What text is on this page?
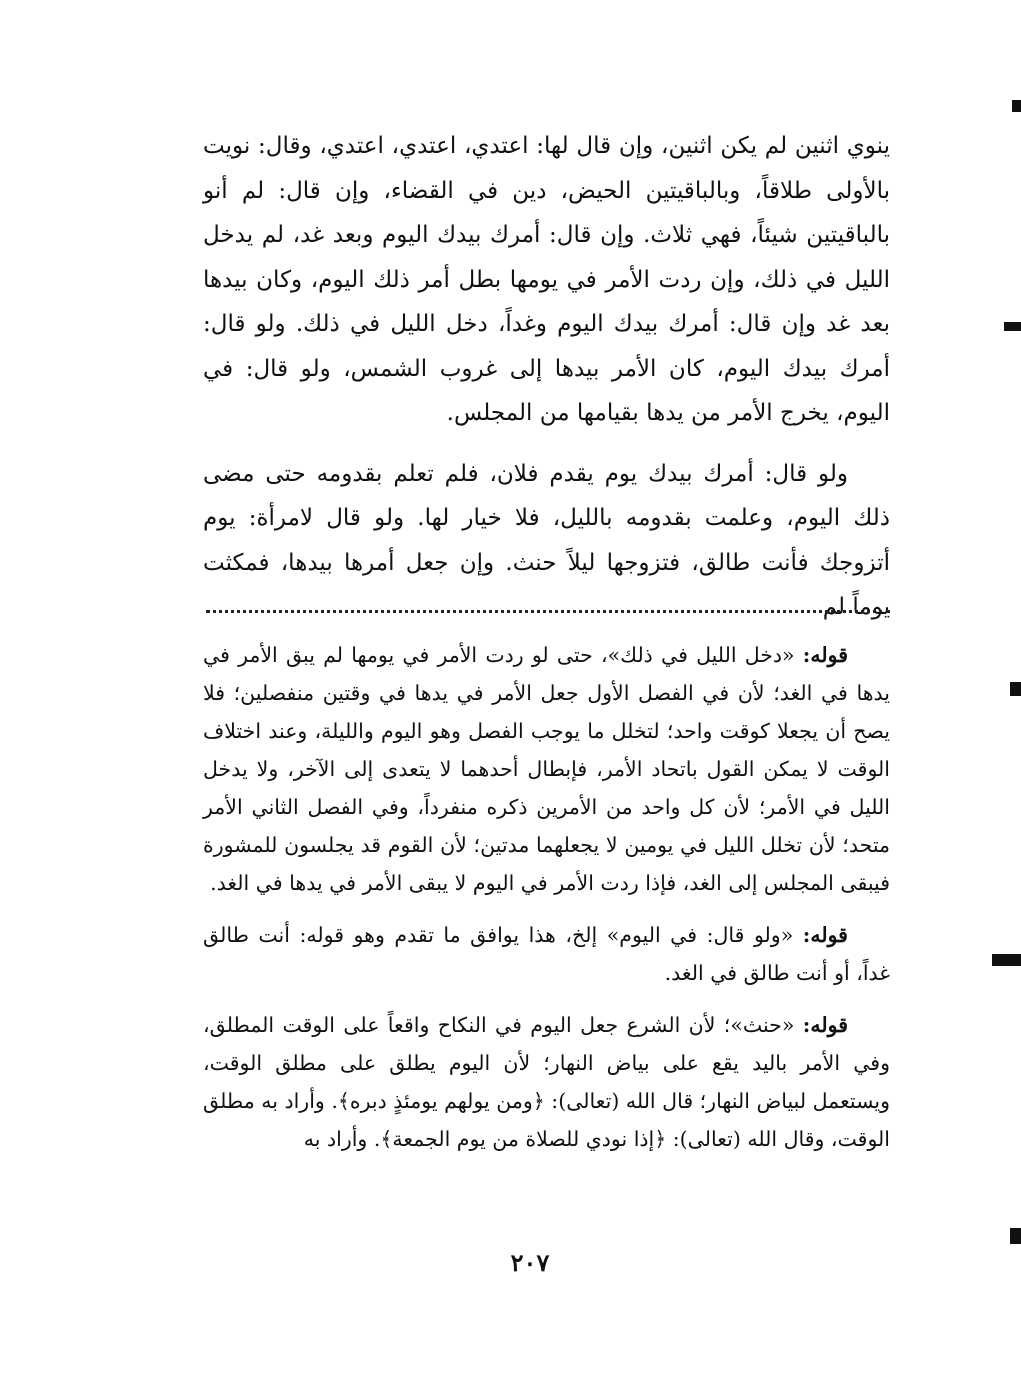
ينوي اثنين لم يكن اثنين، وإن قال لها: اعتدي، اعتدي، اعتدي، وقال: نويت بالأولى طلاقاً، وبالباقيتين الحيض، دين في القضاء، وإن قال: لم أنو بالباقيتين شيئاً، فهي ثلاث. وإن قال: أمرك بيدك اليوم وبعد غد، لم يدخل الليل في ذلك، وإن ردت الأمر في يومها بطل أمر ذلك اليوم، وكان بيدها بعد غد وإن قال: أمرك بيدك اليوم وغداً، دخل الليل في ذلك. ولو قال: أمرك بيدك اليوم، كان الأمر بيدها إلى غروب الشمس، ولو قال: في اليوم، يخرج الأمر من يدها بقيامها من المجلس.

ولو قال: أمرك بيدك يوم يقدم فلان، فلم تعلم بقدومه حتى مضى ذلك اليوم، وعلمت بقدومه بالليل، فلا خيار لها. ولو قال لامرأة: يوم أتزوجك فأنت طالق، فتزوجها ليلاً حنث. وإن جعل أمرها بيدها، فمكثت يوماً لم

قوله: «دخل الليل في ذلك»، حتى لو ردت الأمر في يومها لم يبق الأمر في يدها في الغد؛ لأن في الفصل الأول جعل الأمر في يدها في وقتين منفصلين؛ فلا يصح أن يجعلا كوقت واحد؛ لتخلل ما يوجب الفصل وهو اليوم والليلة، وعند اختلاف الوقت لا يمكن القول باتحاد الأمر، فإبطال أحدهما لا يتعدى إلى الآخر، ولا يدخل الليل في الأمر؛ لأن كل واحد من الأمرين ذكره منفرداً، وفي الفصل الثاني الأمر متحد؛ لأن تخلل الليل في يومين لا يجعلهما مدتين؛ لأن القوم قد يجلسون للمشورة فيبقى المجلس إلى الغد، فإذا ردت الأمر في اليوم لا يبقى الأمر في يدها في الغد.

قوله: «ولو قال: في اليوم» إلخ، هذا يوافق ما تقدم وهو قوله: أنت طالق غداً، أو أنت طالق في الغد.

قوله: «حنث»؛ لأن الشرع جعل اليوم في النكاح واقعاً على الوقت المطلق، وفي الأمر باليد يقع على بياض النهار؛ لأن اليوم يطلق على مطلق الوقت، ويستعمل لبياض النهار؛ قال الله (تعالى): ﴿ومن يولهم يومئذٍ دبره﴾. وأراد به مطلق الوقت، وقال الله (تعالى): ﴿إذا نودي للصلاة من يوم الجمعة﴾. وأراد به

٢٠٧
